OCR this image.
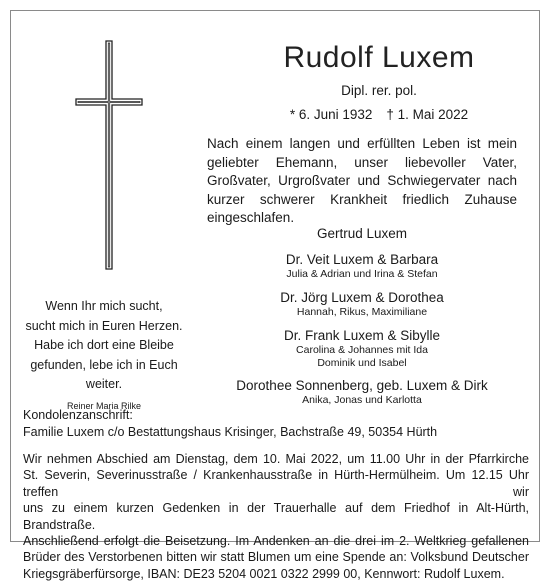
Rudolf Luxem
Dipl. rer. pol.
* 6. Juni 1932 † 1. Mai 2022
Nach einem langen und erfüllten Leben ist mein geliebter Ehemann, unser liebevoller Vater, Großvater, Urgroßvater und Schwiegervater nach kurzer schwerer Krankheit friedlich Zuhause eingeschlafen.
Gertrud Luxem
Dr. Veit Luxem & Barbara
Julia & Adrian und Irina & Stefan
Dr. Jörg Luxem & Dorothea
Hannah, Rikus, Maximiliane
Dr. Frank Luxem & Sibylle
Carolina & Johannes mit Ida
Dominik und Isabel
Dorothee Sonnenberg, geb. Luxem & Dirk
Anika, Jonas und Karlotta
Wenn Ihr mich sucht,
sucht mich in Euren Herzen.
Habe ich dort eine Bleibe
gefunden, lebe ich in Euch
weiter.
Reiner Maria Rilke
Kondolenzanschrift:
Familie Luxem c/o Bestattungshaus Krisinger, Bachstraße 49, 50354 Hürth
Wir nehmen Abschied am Dienstag, dem 10. Mai 2022, um 11.00 Uhr in der Pfarrkirche
St. Severin, Severinusstraße / Krankenhausstraße in Hürth-Hermülheim. Um 12.15 Uhr treffen wir
uns zu einem kurzen Gedenken in der Trauerhalle auf dem Friedhof in Alt-Hürth, Brandstraße.
Anschließend erfolgt die Beisetzung. Im Andenken an die drei im 2. Weltkrieg gefallenen
Brüder des Verstorbenen bitten wir statt Blumen um eine Spende an: Volksbund Deutscher
Kriegsgräberfürsorge, IBAN: DE23 5204 0021 0322 2999 00, Kennwort: Rudolf Luxem.
